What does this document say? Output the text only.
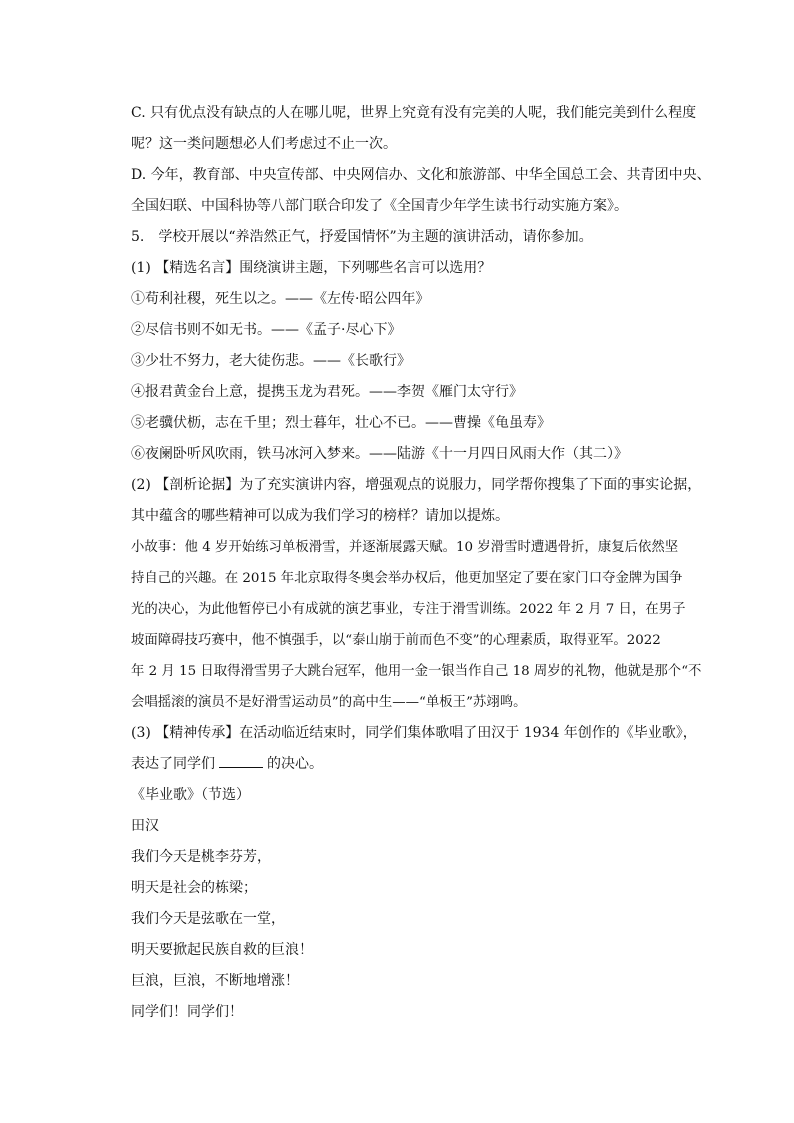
C. 只有优点没有缺点的人在哪儿呢，世界上究竟有没有完美的人呢，我们能完美到什么程度
呢？这一类问题想必人们考虑过不止一次。
D. 今年，教育部、中央宣传部、中央网信办、文化和旅游部、中华全国总工会、共青团中央、
全国妇联、中国科协等八部门联合印发了《全国青少年学生读书行动实施方案》。
5.　学校开展以“养浩然正气，抒爱国情怀”为主题的演讲活动，请你参加。
(1) 【精选名言】围绕演讲主题，下列哪些名言可以选用？
①苟利社稷，死生以之。——《左传·昭公四年》
②尽信书则不如无书。——《孟子·尽心下》
③少壮不努力，老大徒伤悲。——《长歌行》
④报君黄金台上意，提携玉龙为君死。——李贺《雁门太守行》
⑤老骥伏枥，志在千里；烈士暮年，壮心不已。——曹操《龟虽寿》
⑥夜阑卧听风吹雨，铁马冰河入梦来。——陆游《十一月四日风雨大作（其二）》
(2) 【剖析论据】为了充实演讲内容，增强观点的说服力，同学帮你搜集了下面的事实论据，
其中蕴含的哪些精神可以成为我们学习的榜样？请加以提炼。
小故事：他 4 岁开始练习单板滑雪，并逐渐展露天赋。10 岁滑雪时遭遇骨折，康复后依然坚
持自己的兴趣。在 2015 年北京取得冬奥会举办权后，他更加坚定了要在家门口夺金牌为国争
光的决心，为此他暂停已小有成就的演艺事业，专注于滑雪训练。2022 年 2 月 7 日，在男子
坡面障碍技巧赛中，他不慎强手，以“泰山崩于前而色不变”的心理素质，取得亚军。2022
年 2 月 15 日取得滑雪男子大跳台冠军，他用一金一银当作自己 18 周岁的礼物，他就是那个“不
会唱摇滚的演员不是好滑雪运动员”的高中生——“单板王”苏翊鸣。
(3) 【精神传承】在活动临近结束时，同学们集体歌唱了田汉于 1934 年创作的《毕业歌》，
表达了同学们	的决心。
《毕业歌》（节选）
田汉
我们今天是桃李芬芳，
明天是社会的栋梁；
我们今天是弦歌在一堂，
明天要掀起民族自救的巨浪！
巨浪，巨浪，不断地增涨！
同学们！同学们！
